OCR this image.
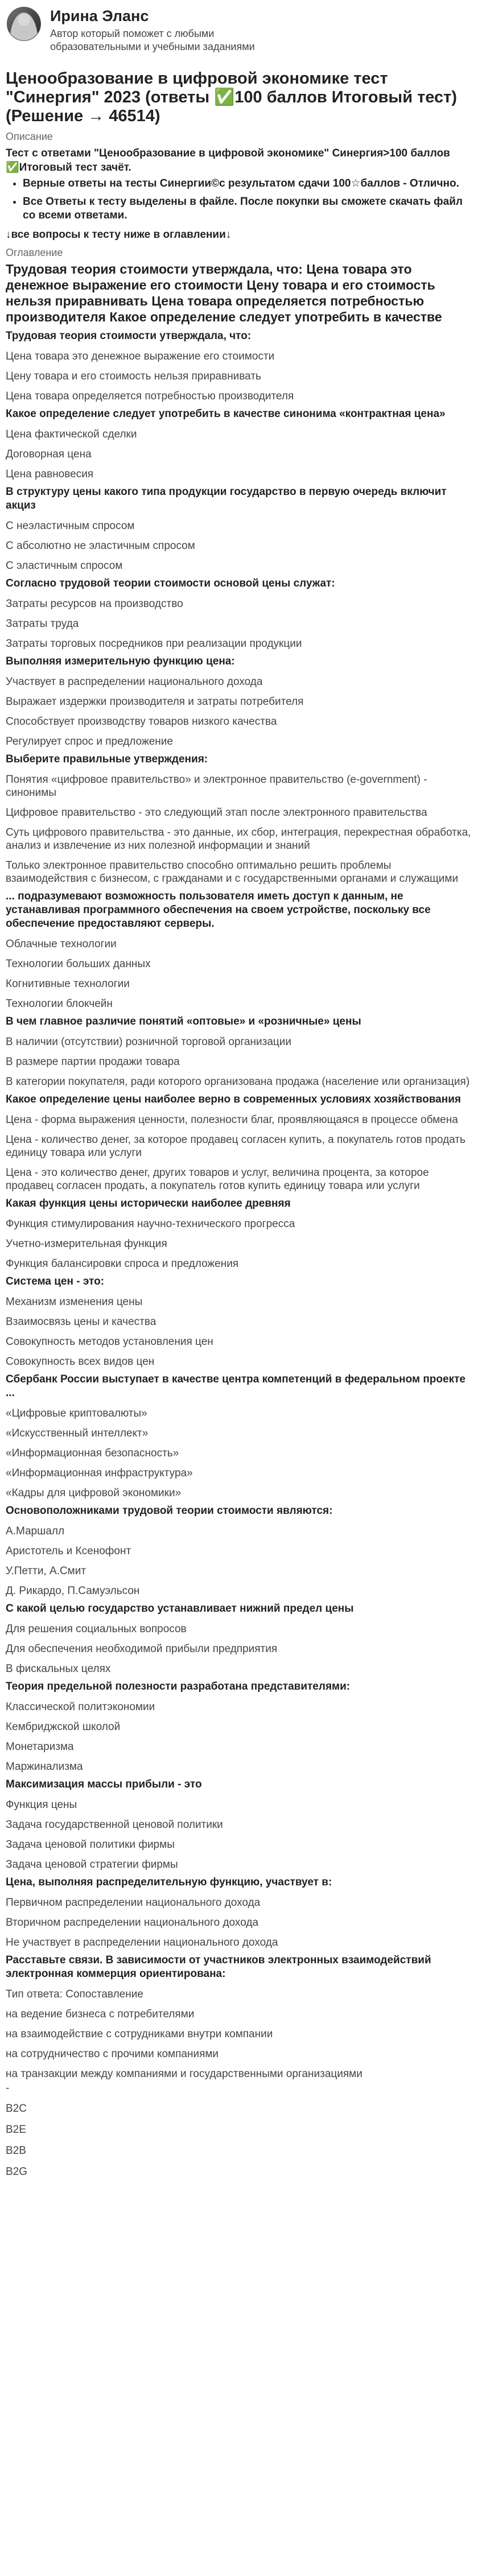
Ирина Эланс
Автор который поможет с любыми образовательными и учебными заданиями
Ценообразование в цифровой экономике тест "Синергия" 2023 (ответы ✅100 баллов Итоговый тест) (Решение → 46514)
Описание

Тест с ответами "Ценообразование в цифровой экономике" Синергия>100 баллов ✅Итоговый тест зачёт.

• Верные ответы на тесты Синергии©с результатом сдачи 100☆баллов - Отлично.
• Все Ответы к тесту выделены в файле. После покупки вы сможете скачать файл со всеми ответами.

↓все вопросы к тесту ниже в оглавлении↓

Оглавление
Трудовая теория стоимости утверждала, что: Цена товара это денежное выражение его стоимости Цену товара и его стоимость нельзя приравнивать Цена товара определяется потребностью производителя Какое определение следует употребить в качестве
Трудовая теория стоимости утверждала, что:
Цена товара это денежное выражение его стоимости
Цену товара и его стоимость нельзя приравнивать
Цена товара определяется потребностью производителя
Какое определение следует употребить в качестве синонима «контрактная цена»
Цена фактической сделки
Договорная цена
Цена равновесия
В структуру цены какого типа продукции государство в первую очередь включит акциз
С неэластичным спросом
С абсолютно не эластичным спросом
С эластичным спросом
Согласно трудовой теории стоимости основой цены служат:
Затраты ресурсов на производство
Затраты труда
Затраты торговых посредников при реализации продукции
Выполняя измерительную функцию цена:
Участвует в распределении национального дохода
Выражает издержки производителя и затраты потребителя
Способствует производству товаров низкого качества
Регулирует спрос и предложение
Выберите правильные утверждения:
Понятия «цифровое правительство» и электронное правительство (e-government) - синонимы
Цифровое правительство - это следующий этап после электронного правительства
Суть цифрового правительства - это данные, их сбор, интеграция, перекрестная обработка, анализ и извлечение из них полезной информации и знаний
Только электронное правительство способно оптимально решить проблемы взаимодействия с бизнесом, с гражданами и с государственными органами и служащими
... подразумевают возможность пользователя иметь доступ к данным, не устанавливая программного обеспечения на своем устройстве, поскольку все обеспечение предоставляют серверы.
Облачные технологии
Технологии больших данных
Когнитивные технологии
Технологии блокчейн
В чем главное различие понятий «оптовые» и «розничные» цены
В наличии (отсутствии) розничной торговой организации
В размере партии продажи товара
В категории покупателя, ради которого организована продажа (население или организация)
Какое определение цены наиболее верно в современных условиях хозяйствования
Цена - форма выражения ценности, полезности благ, проявляющаяся в процессе обмена
Цена - количество денег, за которое продавец согласен купить, а покупатель готов продать единицу товара или услуги
Цена - это количество денег, других товаров и услуг, величина процента, за которое продавец согласен продать, а покупатель готов купить единицу товара или услуги
Какая функция цены исторически наиболее древняя
Функция стимулирования научно-технического прогресса
Учетно-измерительная функция
Функция балансировки спроса и предложения
Система цен - это:
Механизм изменения цены
Взаимосвязь цены и качества
Совокупность методов установления цен
Совокупность всех видов цен
Сбербанк России выступает в качестве центра компетенций в федеральном проекте ...
«Цифровые криптовалюты»
«Искусственный интеллект»
«Информационная безопасность»
«Информационная инфраструктура»
«Кадры для цифровой экономики»
Основоположниками трудовой теории стоимости являются:
А.Маршалл
Аристотель и Ксенофонт
У.Петти, А.Смит
Д. Рикардо, П.Самуэльсон
С какой целью государство устанавливает нижний предел цены
Для решения социальных вопросов
Для обеспечения необходимой прибыли предприятия
В фискальных целях
Теория предельной полезности разработана представителями:
Классической политэкономии
Кембриджской школой
Монетаризма
Маржинализма
Максимизация массы прибыли - это
Функция цены
Задача государственной ценовой политики
Задача ценовой политики фирмы
Задача ценовой стратегии фирмы
Цена, выполняя распределительную функцию, участвует в:
Первичном распределении национального дохода
Вторичном распределении национального дохода
Не участвует в распределении национального дохода
Расставьте связи. В зависимости от участников электронных взаимодействий электронная коммерция ориентирована:
Тип ответа: Сопоставление
на ведение бизнеса с потребителями
на взаимодействие с сотрудниками внутри компании
на сотрудничество с прочими компаниями
на транзакции между компаниями и государственными организациями
-
B2C
B2E
B2B
B2G
